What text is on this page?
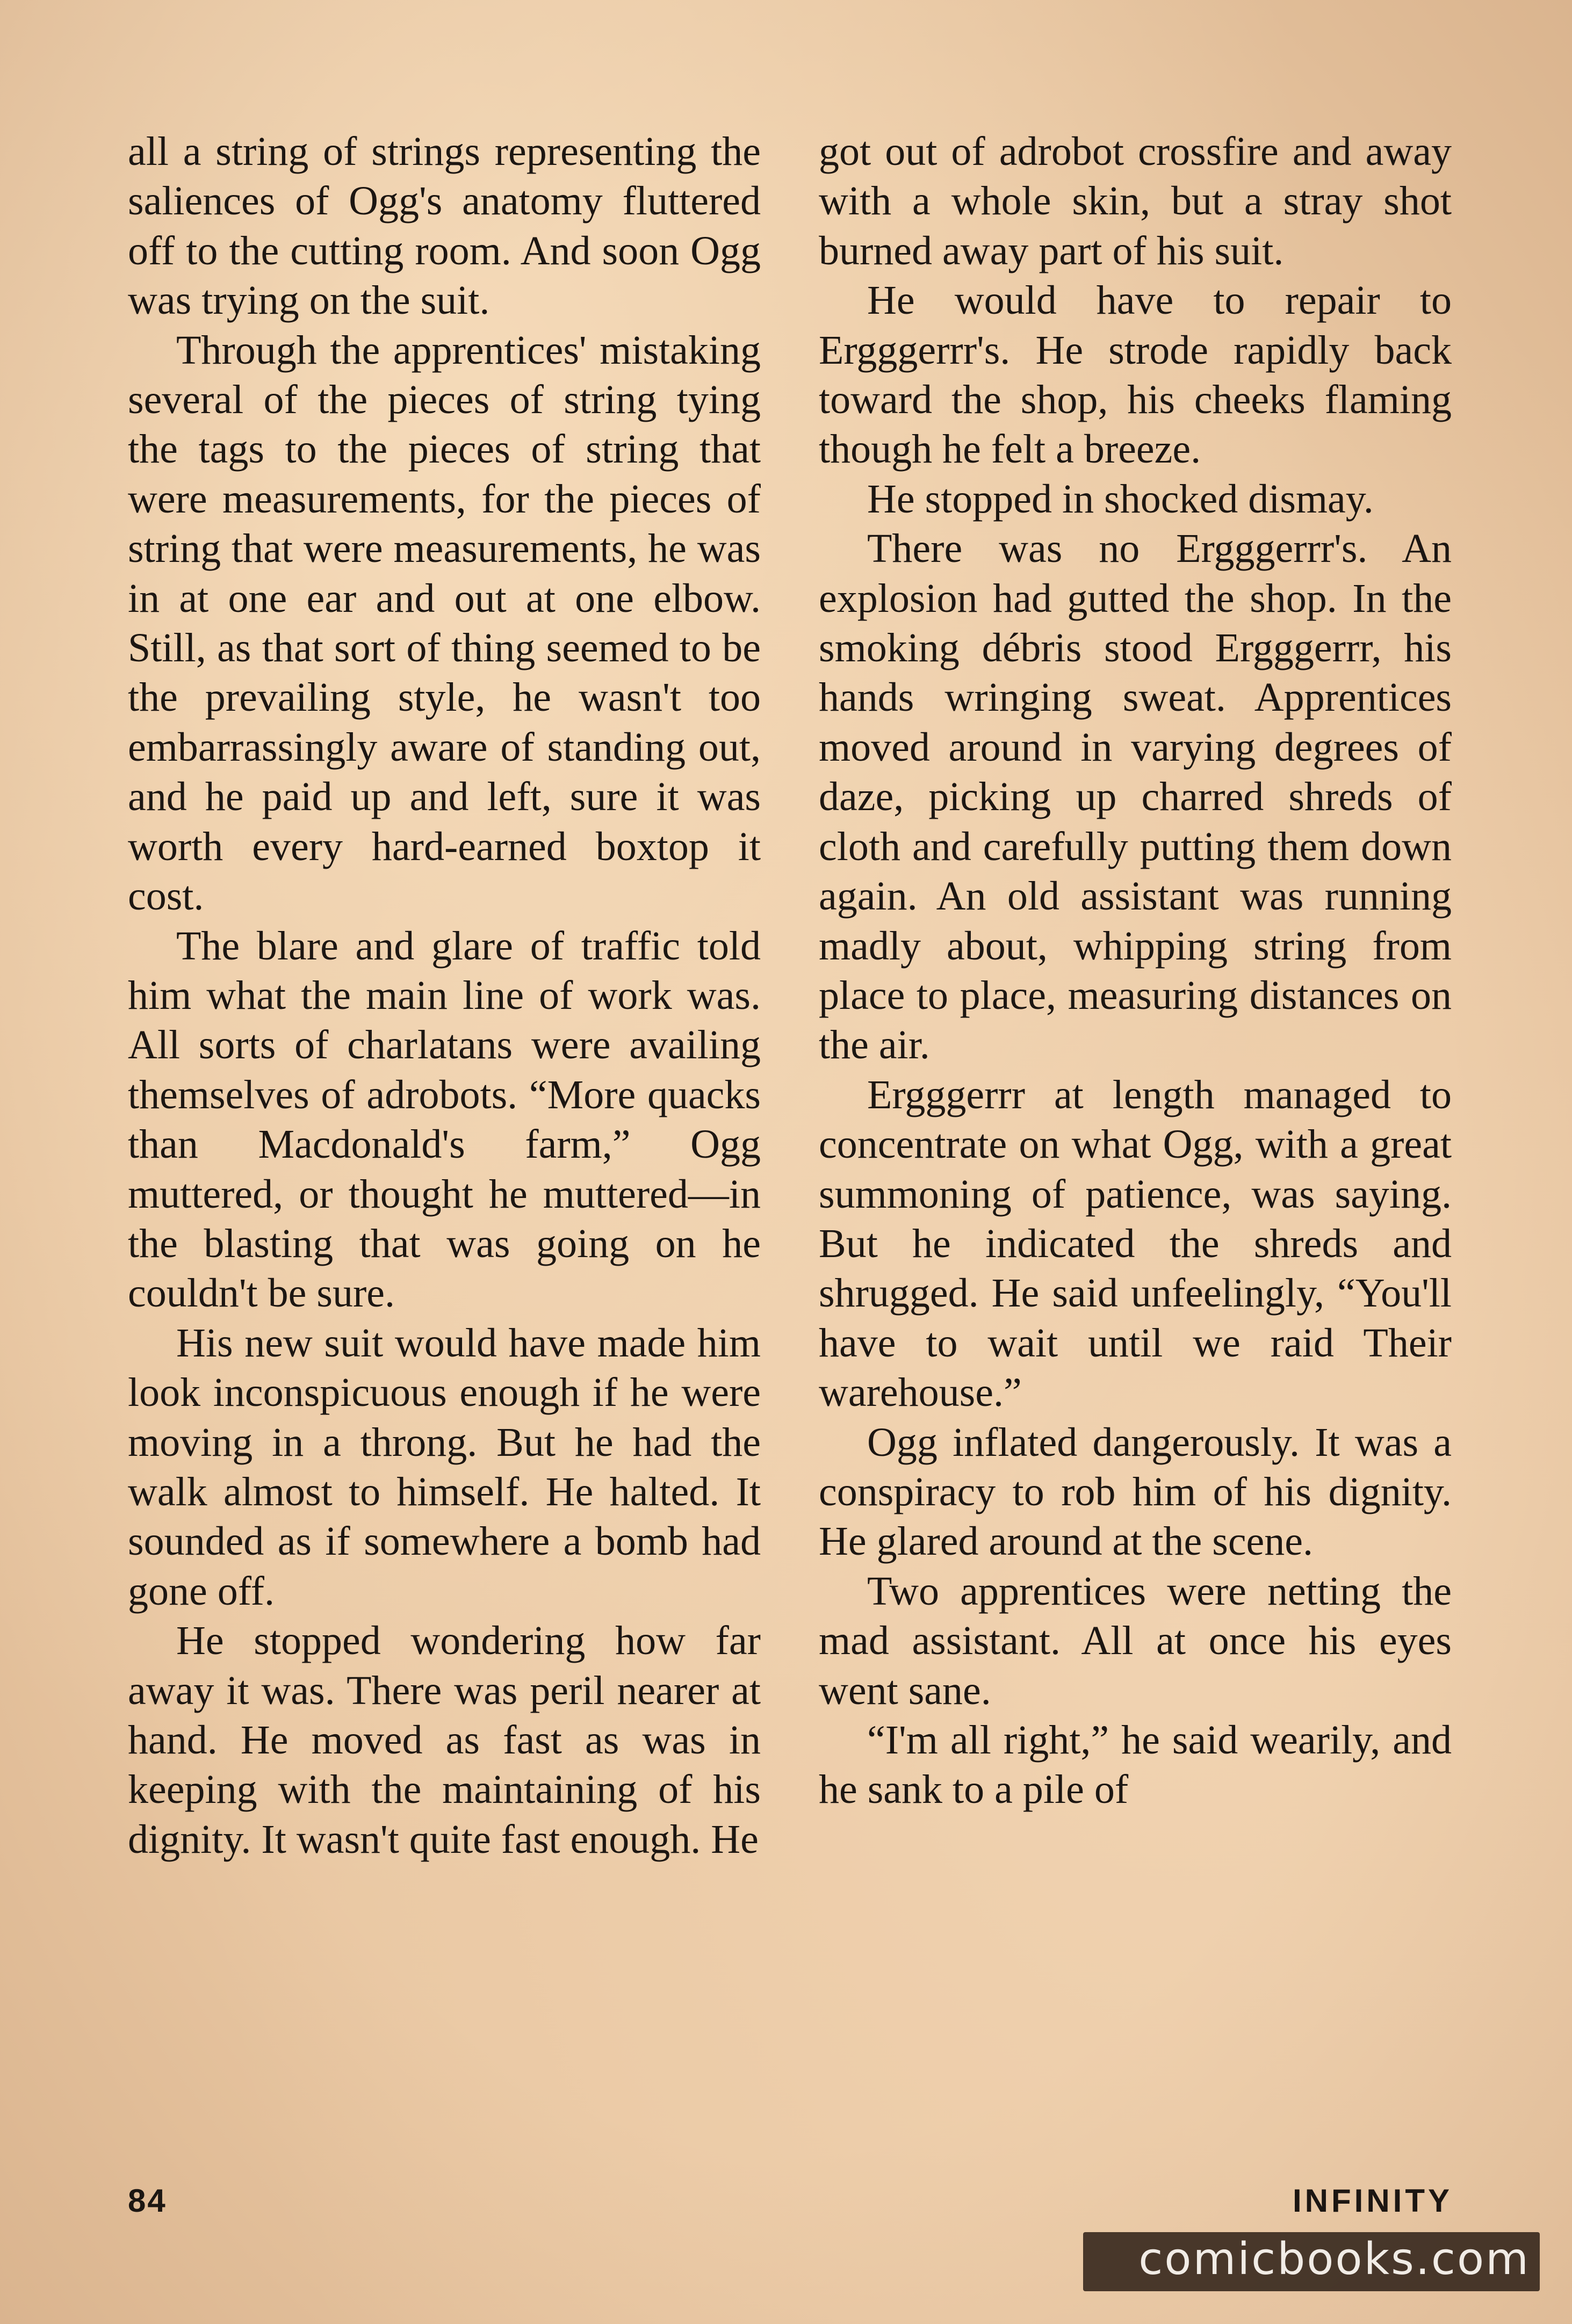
all a string of strings representing the saliences of Ogg's anatomy fluttered off to the cutting room. And soon Ogg was trying on the suit.

Through the apprentices' mistaking several of the pieces of string tying the tags to the pieces of string that were measurements, for the pieces of string that were measurements, he was in at one ear and out at one elbow. Still, as that sort of thing seemed to be the prevailing style, he wasn't too embarrassingly aware of standing out, and he paid up and left, sure it was worth every hard-earned boxtop it cost.

The blare and glare of traffic told him what the main line of work was. All sorts of charlatans were availing themselves of adrobots. “More quacks than Macdonald's farm,” Ogg muttered, or thought he muttered—in the blasting that was going on he couldn't be sure.

His new suit would have made him look inconspicuous enough if he were moving in a throng. But he had the walk almost to himself. He halted. It sounded as if somewhere a bomb had gone off.

He stopped wondering how far away it was. There was peril nearer at hand. He moved as fast as was in keeping with the maintaining of his dignity. It wasn't quite fast enough. He

got out of adrobot crossfire and away with a whole skin, but a stray shot burned away part of his suit.

He would have to repair to Ergggerrr's. He strode rapidly back toward the shop, his cheeks flaming though he felt a breeze.

He stopped in shocked dismay.

There was no Ergggerrr's. An explosion had gutted the shop. In the smoking débris stood Ergggerrr, his hands wringing sweat. Apprentices moved around in varying degrees of daze, picking up charred shreds of cloth and carefully putting them down again. An old assistant was running madly about, whipping string from place to place, measuring distances on the air.

Ergggerrr at length managed to concentrate on what Ogg, with a great summoning of patience, was saying. But he indicated the shreds and shrugged. He said unfeelingly, “You'll have to wait until we raid Their warehouse.”

Ogg inflated dangerously. It was a conspiracy to rob him of his dignity. He glared around at the scene.

Two apprentices were netting the mad assistant. All at once his eyes went sane.

“I'm all right,” he said wearily, and he sank to a pile of

84	INFINITY
comicbooks.com
